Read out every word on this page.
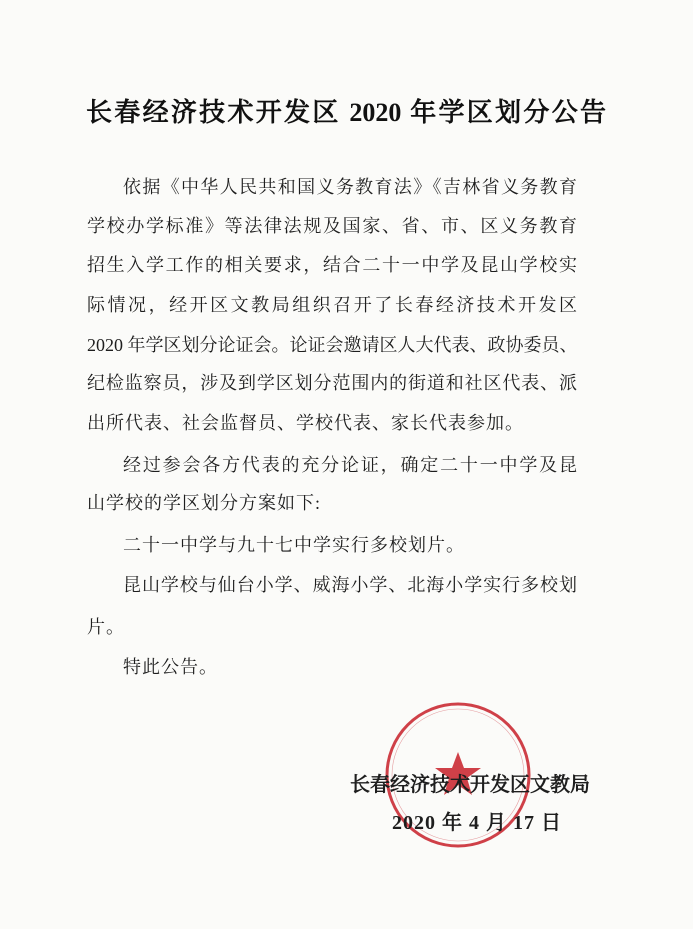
长春经济技术开发区 2020 年学区划分公告
依据《中华人民共和国义务教育法》《吉林省义务教育
学校办学标准》等法律法规及国家、省、市、区义务教育
招生入学工作的相关要求，结合二十一中学及昆山学校实
际情况，经开区文教局组织召开了长春经济技术开发区
2020 年学区划分论证会。论证会邀请区人大代表、政协委员、
纪检监察员，涉及到学区划分范围内的街道和社区代表、派
出所代表、社会监督员、学校代表、家长代表参加。
经过参会各方代表的充分论证，确定二十一中学及昆
山学校的学区划分方案如下:
二十一中学与九十七中学实行多校划片。
昆山学校与仙台小学、威海小学、北海小学实行多校划
片。
特此公告。
长春经济技术开发区文教局
2020 年 4 月 17 日
